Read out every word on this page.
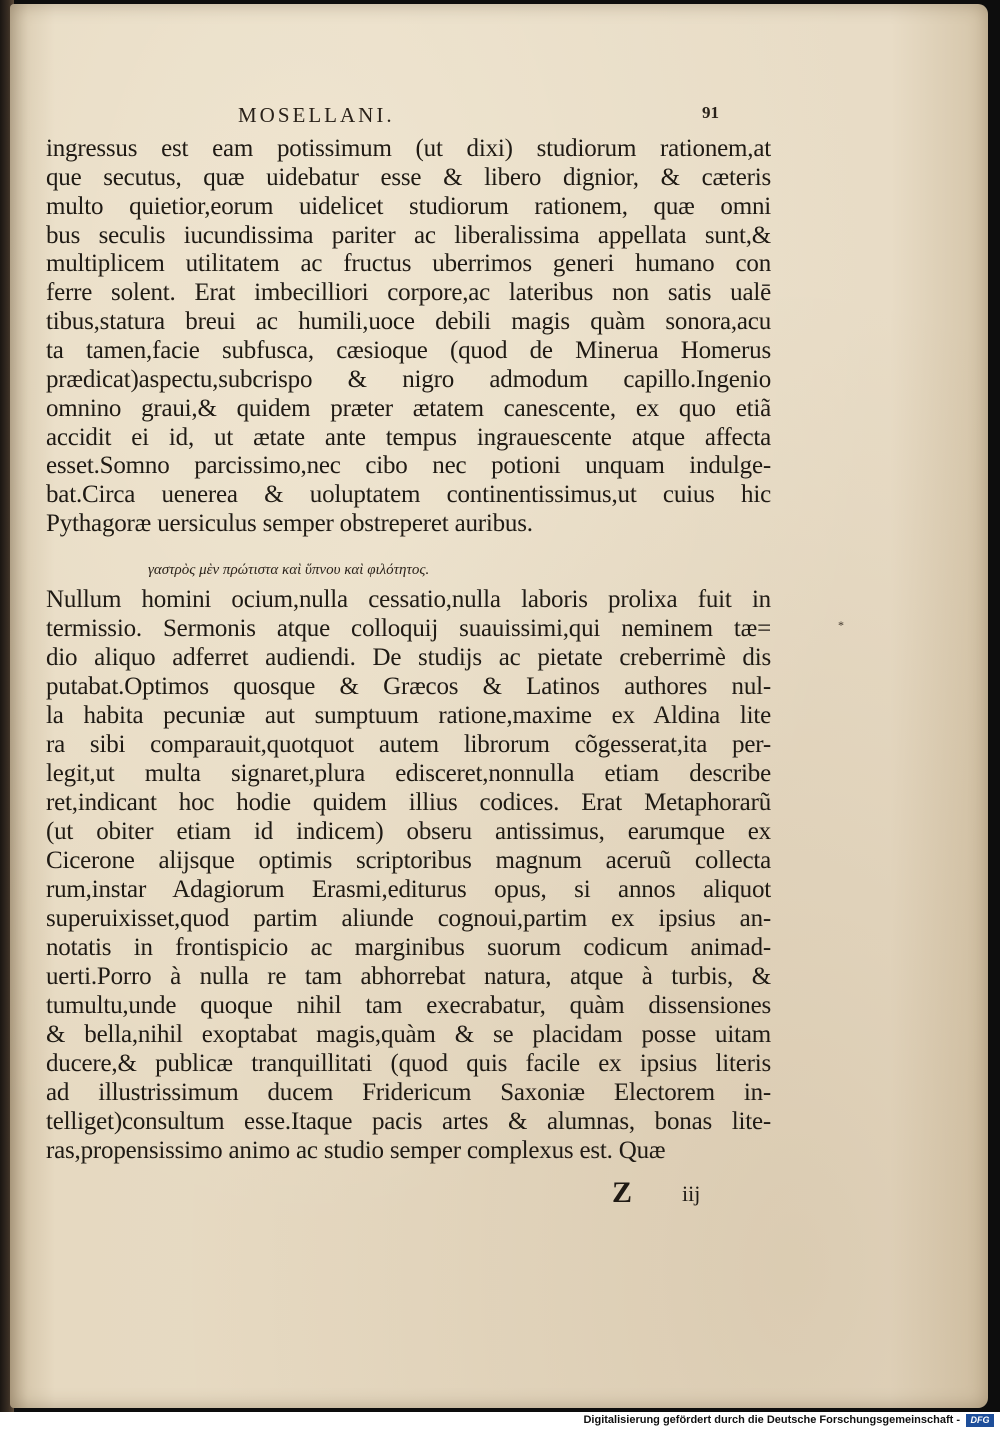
MOSELLANI.	91
ingressus est eam potissimum (ut dixi) studiorum rationem,at
que secutus, quæ uidebatur esse & libero dignior, & cæteris
multo quietior,eorum uidelicet studiorum rationem, quæ omni
bus seculis iucundissima pariter ac liberalissima appellata sunt,&
multiplicem utilitatem ac fructus uberrimos generi humano con
ferre solent. Erat imbecilliori corpore,ac lateribus non satis ualē
tibus,statura breui ac humili,uoce debili magis quàm sonora,acu
ta tamen,facie subfusca, cæsioque (quod de Minerua Homerus
prædicat)aspectu,subcrispo & nigro admodum capillo.Ingenio
omnino graui,& quidem præter ætatem canescente, ex quo etiã
accidit ei id, ut ætate ante tempus ingrauescente atque affecta
esset.Somno parcissimo,nec cibo nec potioni unquam indulge-
bat.Circa uenerea & uoluptatem continentissimus,ut cuius hic
Pythagoræ uersiculus semper obstreperet auribus.
Nullum homini ocium,nulla cessatio,nulla laboris prolixa fuit in
termissio. Sermonis atque colloquij suauissimi,qui neminem tæ=
dio aliquo adferret audiendi. De studijs ac pietate creberrimè dis
putabat.Optimos quosque & Græcos & Latinos authores nul-
la habita pecuniæ aut sumptuum ratione,maxime ex Aldina lite
ra sibi comparauit,quotquot autem librorum cõgesserat,ita per-
legit,ut multa signaret,plura edisceret,nonnulla etiam describe
ret,indicant hoc hodie quidem illius codices. Erat Metaphorarũ
(ut obiter etiam id indicem) obseru antissimus, earumque ex
Cicerone alijsque optimis scriptoribus magnum aceruũ collecta
rum,instar Adagiorum Erasmi,editurus opus, si annos aliquot
superuixisset,quod partim aliunde cognoui,partim ex ipsius an-
notatis in frontispicio ac marginibus suorum codicum animad-
uerti.Porro à nulla re tam abhorrebat natura, atque à turbis, &
tumultu,unde quoque nihil tam execrabatur, quàm dissensiones
& bella,nihil exoptabat magis,quàm & se placidam posse uitam
ducere,& publicæ tranquillitati (quod quis facile ex ipsius literis
ad illustrissimum ducem Fridericum Saxoniæ Electorem in-
telliget)consultum esse.Itaque pacis artes & alumnas, bonas lite-
ras,propensissimo animo ac studio semper complexus est. Quæ
γαστρὸς μὲν πρώτιστα καὶ ὕπνου καὶ φιλότητος.
*
Z iij
Digitalisierung gefördert durch die Deutsche Forschungsgemeinschaft -	DFG
